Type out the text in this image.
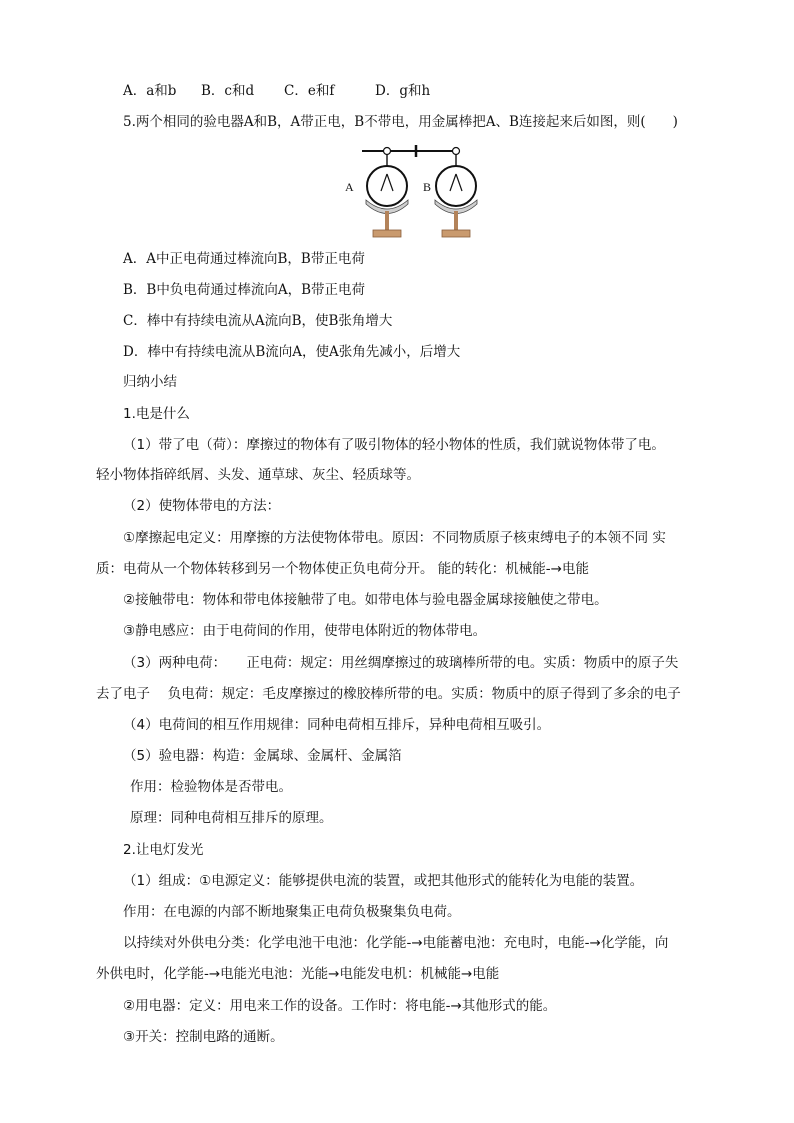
A．a和b B．c和d C．e和f	D．g和h
5.两个相同的验电器A和B，A带正电，B不带电，用金属棒把A、B连接起来后如图，则(　　)
A	B
A．A中正电荷通过棒流向B，B带正电荷
B．B中负电荷通过棒流向A，B带正电荷
C．棒中有持续电流从A流向B，使B张角增大
D．棒中有持续电流从B流向A，使A张角先减小，后增大
归纳小结
1.电是什么
（1）带了电（荷）：摩擦过的物体有了吸引物体的轻小物体的性质，我们就说物体带了电。
轻小物体指碎纸屑、头发、通草球、灰尘、轻质球等。
（2）使物体带电的方法：
①摩擦起电定义：用摩擦的方法使物体带电。原因：不同物质原子核束缚电子的本领不同 实
质：电荷从一个物体转移到另一个物体使正负电荷分开。 能的转化：机械能-→电能
②接触带电：物体和带电体接触带了电。如带电体与验电器金属球接触使之带电。
③静电感应：由于电荷间的作用，使带电体附近的物体带电。
（3）两种电荷：　　正电荷：规定：用丝绸摩擦过的玻璃棒所带的电。实质：物质中的原子失
去了电子　 负电荷：规定：毛皮摩擦过的橡胶棒所带的电。实质：物质中的原子得到了多余的电子
（4）电荷间的相互作用规律：同种电荷相互排斥，异种电荷相互吸引。
（5）验电器：构造：金属球、金属杆、金属箔
作用：检验物体是否带电。
原理：同种电荷相互排斥的原理。
2.让电灯发光
（1）组成：①电源定义：能够提供电流的装置，或把其他形式的能转化为电能的装置。
作用：在电源的内部不断地聚集正电荷负极聚集负电荷。
以持续对外供电分类：化学电池干电池：化学能-→电能蓄电池：充电时，电能-→化学能，向
外供电时，化学能-→电能光电池：光能→电能发电机：机械能→电能
②用电器：定义：用电来工作的设备。工作时：将电能-→其他形式的能。
③开关：控制电路的通断。
